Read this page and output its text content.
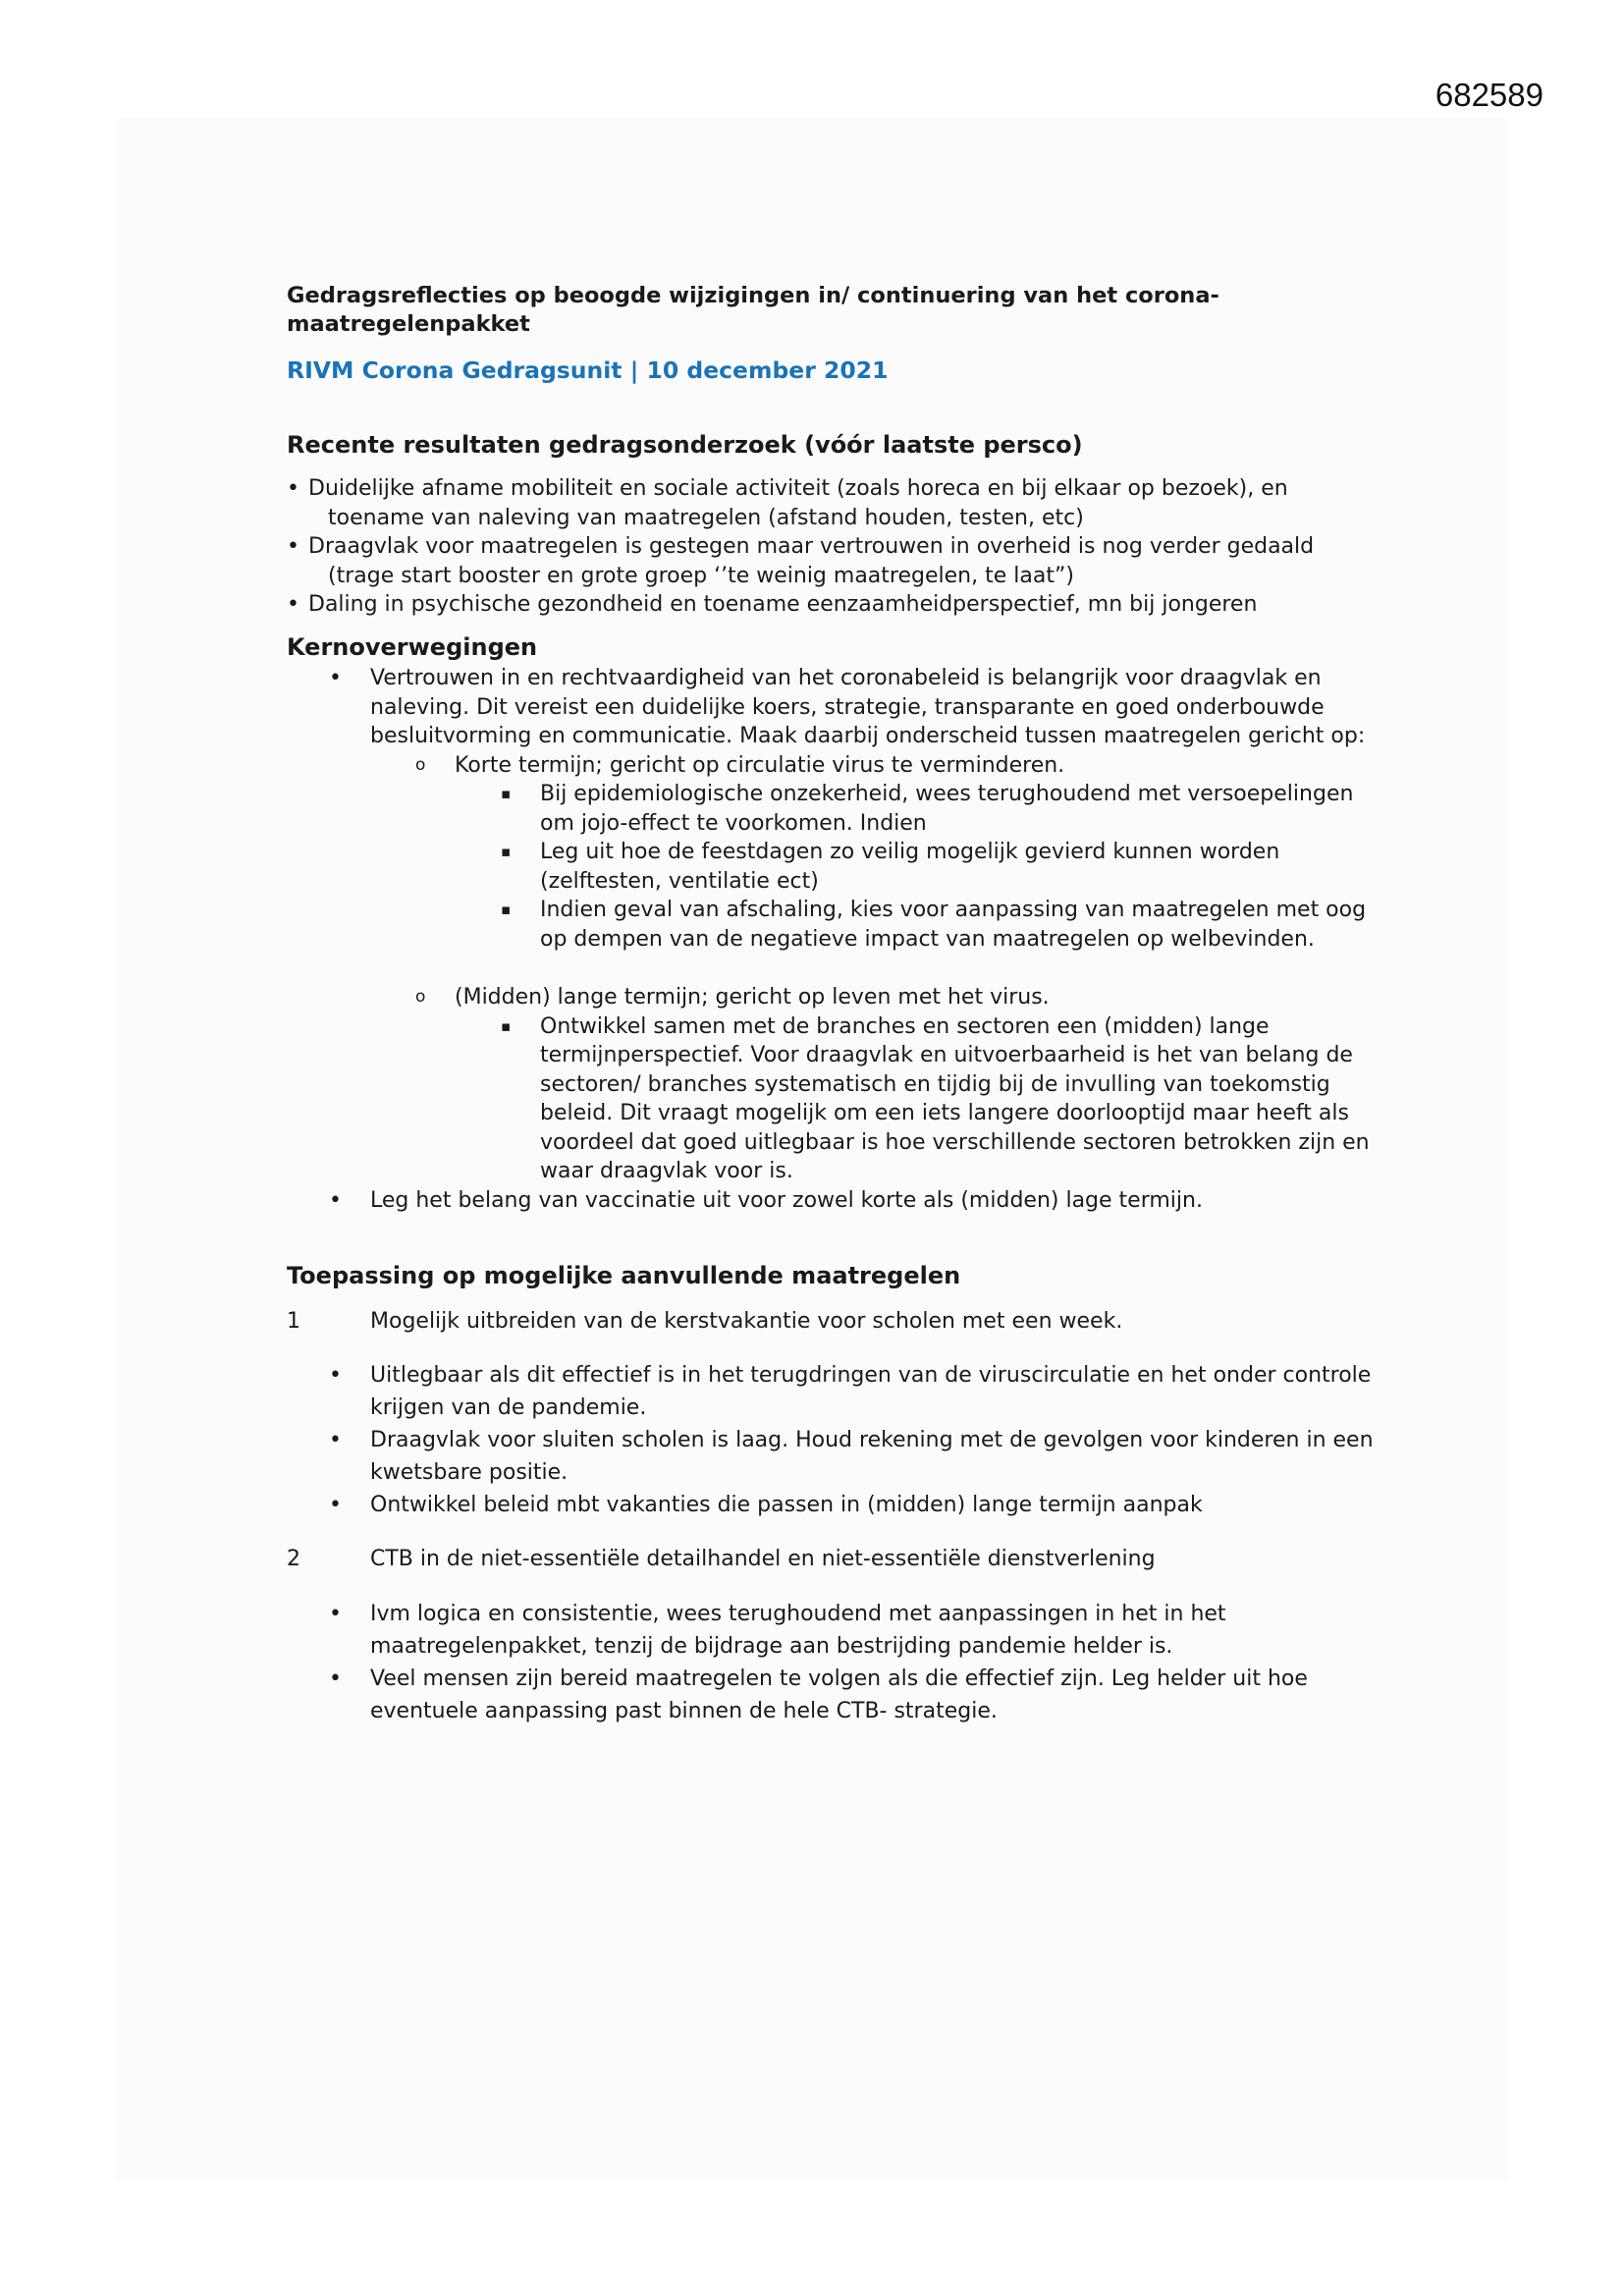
682589
Gedragsreflecties op beoogde wijzigingen in/ continuering van het corona-maatregelenpakket
RIVM Corona Gedragsunit | 10 december 2021
Recente resultaten gedragsonderzoek (vóór laatste persco)
• Duidelijke afname mobiliteit en sociale activiteit (zoals horeca en bij elkaar op bezoek), en toename van naleving van maatregelen (afstand houden, testen, etc)
• Draagvlak voor maatregelen is gestegen maar vertrouwen in overheid is nog verder gedaald (trage start booster en grote groep ‘’te weinig maatregelen, te laat”)
• Daling in psychische gezondheid en toename eenzaamheidperspectief, mn bij jongeren
Kernoverwegingen
• Vertrouwen in en rechtvaardigheid van het coronabeleid is belangrijk voor draagvlak en naleving. Dit vereist een duidelijke koers, strategie, transparante en goed onderbouwde besluitvorming en communicatie. Maak daarbij onderscheid tussen maatregelen gericht op:
o Korte termijn; gericht op circulatie virus te verminderen.
▪ Bij epidemiologische onzekerheid, wees terughoudend met versoepelingen om jojo-effect te voorkomen. Indien
▪ Leg uit hoe de feestdagen zo veilig mogelijk gevierd kunnen worden (zelftesten, ventilatie ect)
▪ Indien geval van afschaling, kies voor aanpassing van maatregelen met oog op dempen van de negatieve impact van maatregelen op welbevinden.
o (Midden) lange termijn; gericht op leven met het virus.
▪ Ontwikkel samen met de branches en sectoren een (midden) lange termijnperspectief. Voor draagvlak en uitvoerbaarheid is het van belang de sectoren/ branches systematisch en tijdig bij de invulling van toekomstig beleid. Dit vraagt mogelijk om een iets langere doorlooptijd maar heeft als voordeel dat goed uitlegbaar is hoe verschillende sectoren betrokken zijn en waar draagvlak voor is.
• Leg het belang van vaccinatie uit voor zowel korte als (midden) lage termijn.
Toepassing op mogelijke aanvullende maatregelen
1	Mogelijk uitbreiden van de kerstvakantie voor scholen met een week.
• Uitlegbaar als dit effectief is in het terugdringen van de viruscirculatie en het onder controle krijgen van de pandemie.
• Draagvlak voor sluiten scholen is laag. Houd rekening met de gevolgen voor kinderen in een kwetsbare positie.
• Ontwikkel beleid mbt vakanties die passen in (midden) lange termijn aanpak
2	CTB in de niet-essentiële detailhandel en niet-essentiële dienstverlening
• Ivm logica en consistentie, wees terughoudend met aanpassingen in het in het maatregelenpakket, tenzij de bijdrage aan bestrijding pandemie helder is.
• Veel mensen zijn bereid maatregelen te volgen als die effectief zijn. Leg helder uit hoe eventuele aanpassing past binnen de hele CTB- strategie.
